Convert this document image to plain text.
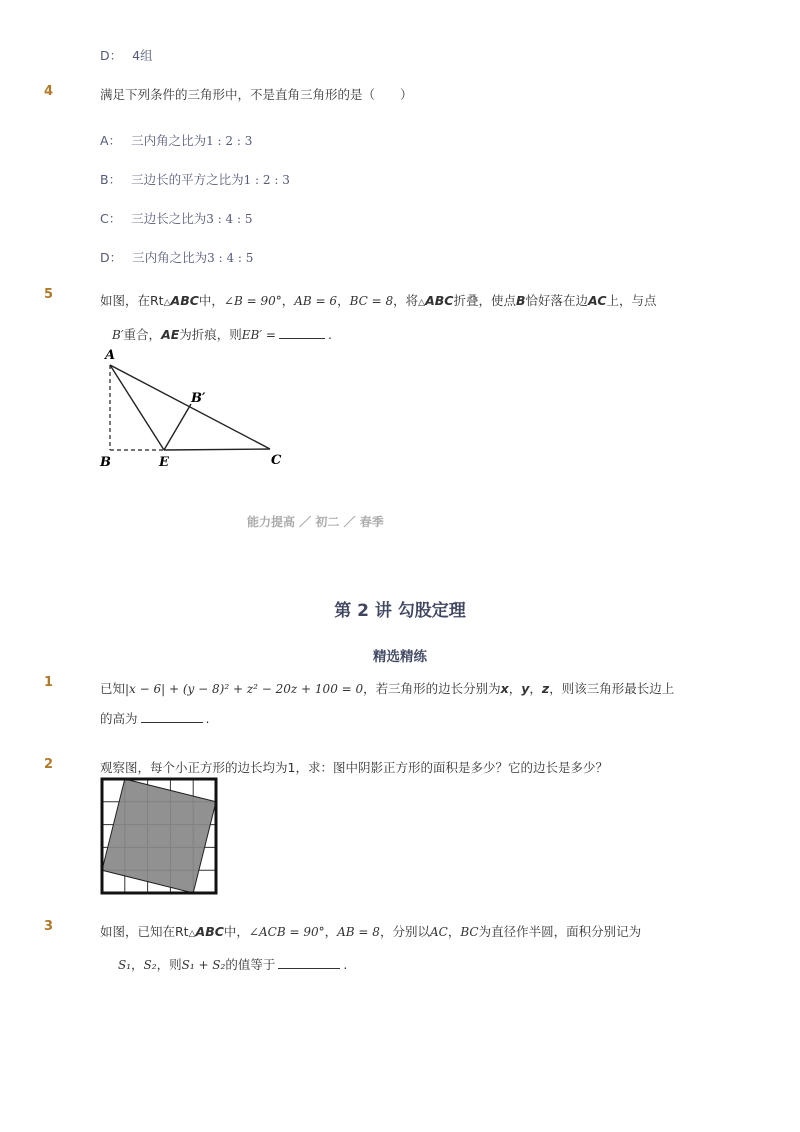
D： 4组
4	满足下列条件的三角形中，不是直角三角形的是（　　）
A： 三内角之比为1 : 2 : 3
B： 三边长的平方之比为1 : 2 : 3
C： 三边长之比为3 : 4 : 5
D： 三内角之比为3 : 4 : 5
5	如图，在Rt△ABC中，∠B = 90°，AB = 6，BC = 8，将△ABC折叠，使点B恰好落在边AC上，与点
B′重合，AE为折痕，则EB′ =	.
A
B
B′
C
E
能力提高 ／ 初二 ／ 春季
第 2 讲 勾股定理
精选精练
1	已知|x − 6| + (y − 8)² + z² − 20z + 100 = 0，若三角形的边长分别为x，y，z，则该三角形最长边上
的高为	.
2	观察图，每个小正方形的边长均为1，求：图中阴影正方形的面积是多少？它的边长是多少？
3	如图，已知在Rt△ABC中，∠ACB = 90°，AB = 8，分别以AC，BC为直径作半圆，面积分别记为
S₁，S₂，则S₁ + S₂的值等于	.
